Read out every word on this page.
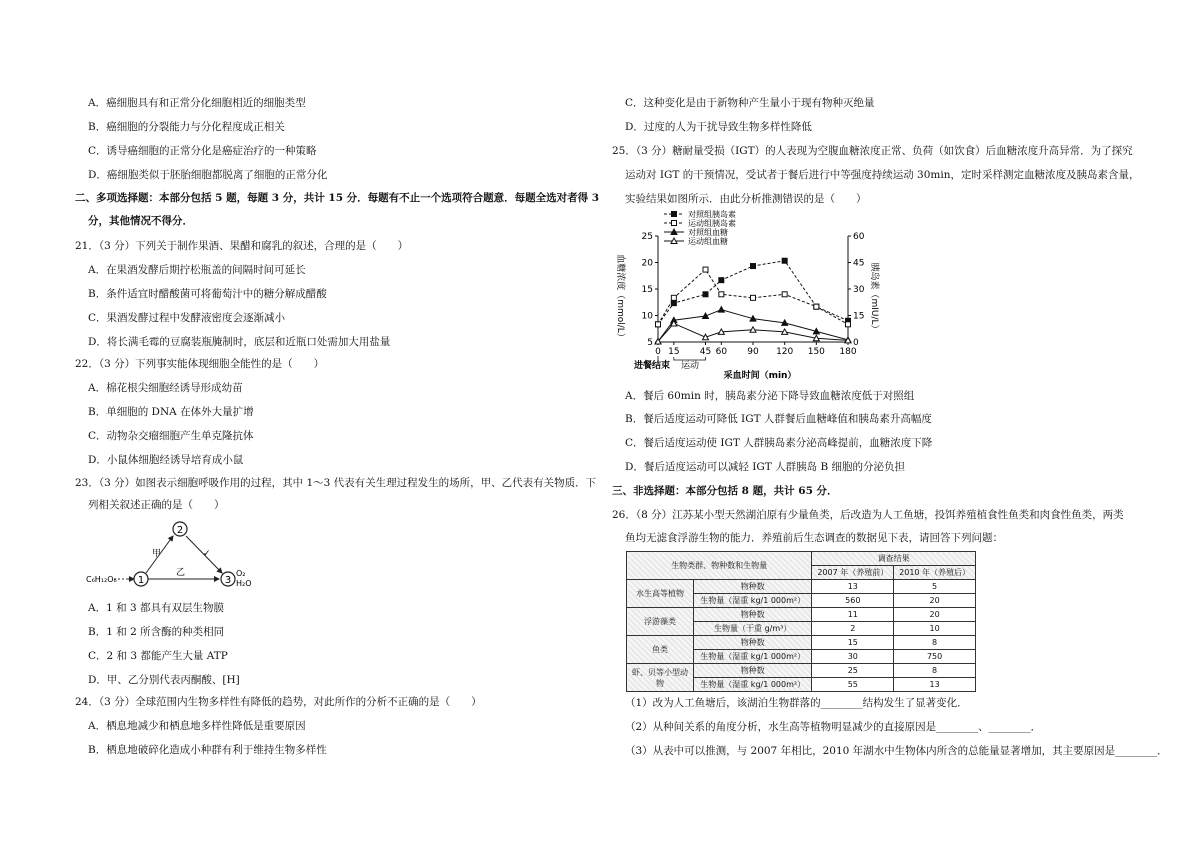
A．癌细胞具有和正常分化细胞相近的细胞类型
B．癌细胞的分裂能力与分化程度成正相关
C．诱导癌细胞的正常分化是癌症治疗的一种策略
D．癌细胞类似于胚胎细胞都脱离了细胞的正常分化
二、多项选择题：本部分包括 5 题，每题 3 分，共计 15 分．每题有不止一个选项符合题意．每题全选对者得 3
分，其他情况不得分．
21．（3 分）下列关于制作果酒、果醋和腐乳的叙述，合理的是（　　）
A．在果酒发酵后期拧松瓶盖的间隔时间可延长
B．条件适宜时醋酸菌可将葡萄汁中的糖分解成醋酸
C．果酒发酵过程中发酵液密度会逐渐减小
D．将长满毛霉的豆腐装瓶腌制时，底层和近瓶口处需加大用盐量
22．（3 分）下列事实能体现细胞全能性的是（　　）
A．棉花根尖细胞经诱导形成幼苗
B．单细胞的 DNA 在体外大量扩增
C．动物杂交瘤细胞产生单克隆抗体
D．小鼠体细胞经诱导培育成小鼠
23．（3 分）如图表示细胞呼吸作用的过程，其中 1～3 代表有关生理过程发生的场所，甲、乙代表有关物质．下
列相关叙述正确的是（　　）
1
2
3
甲
乙
✓
C₆H₁₂O₆
O₂
H₂O
A．1 和 3 都具有双层生物膜
B．1 和 2 所含酶的种类相同
C．2 和 3 都能产生大量 ATP
D．甲、乙分别代表丙酮酸、[H]
24．（3 分）全球范围内生物多样性有降低的趋势，对此所作的分析不正确的是（　　）
A．栖息地减少和栖息地多样性降低是重要原因
B．栖息地破碎化造成小种群有利于维持生物多样性
C．这种变化是由于新物种产生量小于现有物种灭绝量
D．过度的人为干扰导致生物多样性降低
25．（3 分）糖耐量受损（IGT）的人表现为空腹血糖浓度正常、负荷（如饮食）后血糖浓度升高异常．为了探究
运动对 IGT 的干预情况，受试者于餐后进行中等强度持续运动 30min，定时采样测定血糖浓度及胰岛素含量，
实验结果如图所示．由此分析推测错误的是（　　）
对照组胰岛素
运动组胰岛素
对照组血糖
运动组血糖
5
10
15
20
25
0
15
30
45
60
0 15 45 60 90 120 150 180
血糖浓度（mmol/L）	胰岛素（mIU/L）
进餐结束 运动
采血时间（min）
A．餐后 60min 时，胰岛素分泌下降导致血糖浓度低于对照组
B．餐后适度运动可降低 IGT 人群餐后血糖峰值和胰岛素升高幅度
C．餐后适度运动使 IGT 人群胰岛素分泌高峰提前，血糖浓度下降
D．餐后适度运动可以减轻 IGT 人群胰岛 B 细胞的分泌负担
三、非选择题：本部分包括 8 题，共计 65 分．
26．（8 分）江苏某小型天然湖泊原有少量鱼类，后改造为人工鱼塘，投饵养殖植食性鱼类和肉食性鱼类，两类
鱼均无滤食浮游生物的能力．养殖前后生态调查的数据见下表，请回答下列问题：
生物类群、物种数和生物量		调查结果	
		2007 年（养殖前）	2010 年（养殖后）
水生高等植物	物种数	13	5
	生物量（湿重 kg/1 000m²）	560	20
浮游藻类	物种数	11	20
	生物量（干重 g/m³）	2	10
鱼类	物种数	15	8
	生物量（湿重 kg/1 000m²）	30	750
虾、贝等小型动物	物种数	25	8
	生物量（湿重 kg/1 000m²）	55	13
（1）改为人工鱼塘后，该湖泊生物群落的________结构发生了显著变化．
（2）从种间关系的角度分析，水生高等植物明显减少的直接原因是________、________．
（3）从表中可以推测，与 2007 年相比，2010 年湖水中生物体内所含的总能量显著增加，其主要原因是________．
